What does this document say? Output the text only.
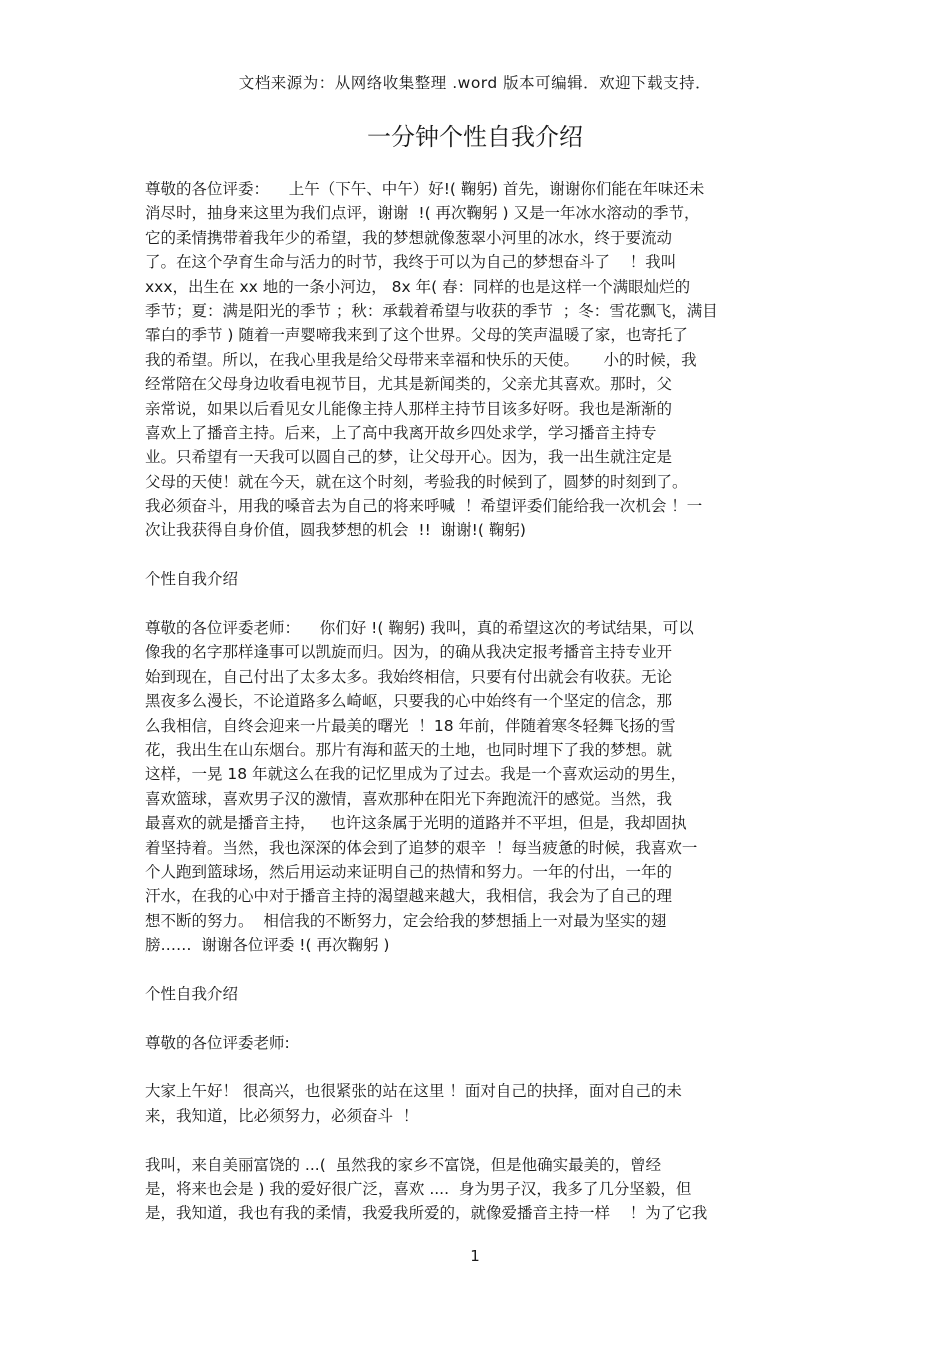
文档来源为：从网络收集整理 .word 版本可编辑．欢迎下载支持．
一分钟个性自我介绍
尊敬的各位评委：    上午（下午、中午）好!( 鞠躬) 首先，谢谢你们能在年味还未
消尽时，抽身来这里为我们点评，谢谢  !( 再次鞠躬 ) 又是一年冰水溶动的季节，
它的柔情携带着我年少的希望，我的梦想就像葱翠小河里的冰水，终于要流动
了。在这个孕育生命与活力的时节，我终于可以为自己的梦想奋斗了    ！我叫
xxx，出生在 xx 地的一条小河边， 8x 年( 春：同样的也是这样一个满眼灿烂的
季节；夏：满是阳光的季节 ；秋：承载着希望与收获的季节  ；冬：雪花飘飞，满目
霏白的季节 ) 随着一声婴啼我来到了这个世界。父母的笑声温暖了家，也寄托了
我的希望。所以，在我心里我是给父母带来幸福和快乐的天使。     小的时候，我
经常陪在父母身边收看电视节目，尤其是新闻类的，父亲尤其喜欢。那时，父
亲常说，如果以后看见女儿能像主持人那样主持节目该多好呀。我也是渐渐的
喜欢上了播音主持。后来，上了高中我离开故乡四处求学，学习播音主持专
业。只希望有一天我可以圆自己的梦，让父母开心。因为，我一出生就注定是
父母的天使！就在今天，就在这个时刻，考验我的时候到了，圆梦的时刻到了。
我必须奋斗，用我的嗓音去为自己的将来呼喊  ！希望评委们能给我一次机会 ！一
次让我获得自身价值，圆我梦想的机会  !!  谢谢!( 鞠躬)
个性自我介绍
尊敬的各位评委老师：    你们好 !( 鞠躬) 我叫，真的希望这次的考试结果，可以
像我的名字那样逢事可以凯旋而归。因为，的确从我决定报考播音主持专业开
始到现在，自己付出了太多太多。我始终相信，只要有付出就会有收获。无论
黑夜多么漫长，不论道路多么崎岖，只要我的心中始终有一个坚定的信念，那
么我相信，自终会迎来一片最美的曙光  ！18 年前，伴随着寒冬轻舞飞扬的雪
花，我出生在山东烟台。那片有海和蓝天的土地，也同时埋下了我的梦想。就
这样，一晃 18 年就这么在我的记忆里成为了过去。我是一个喜欢运动的男生，
喜欢篮球，喜欢男子汉的激情，喜欢那种在阳光下奔跑流汗的感觉。当然，我
最喜欢的就是播音主持，   也许这条属于光明的道路并不平坦，但是，我却固执
着坚持着。当然，我也深深的体会到了追梦的艰辛  ！每当疲惫的时候，我喜欢一
个人跑到篮球场，然后用运动来证明自己的热情和努力。一年的付出，一年的
汗水，在我的心中对于播音主持的渴望越来越大，我相信，我会为了自己的理
想不断的努力。  相信我的不断努力，定会给我的梦想插上一对最为坚实的翅
膀……  谢谢各位评委 !( 再次鞠躬 )
个性自我介绍
尊敬的各位评委老师:
大家上午好！ 很高兴，也很紧张的站在这里 ！面对自己的抉择，面对自己的未
来，我知道，比必须努力，必须奋斗  ！
我叫，来自美丽富饶的 ...(  虽然我的家乡不富饶，但是他确实最美的，曾经
是，将来也会是 ) 我的爱好很广泛，喜欢 ....  身为男子汉，我多了几分坚毅，但
是，我知道，我也有我的柔情，我爱我所爱的，就像爱播音主持一样    ！为了它我
1
